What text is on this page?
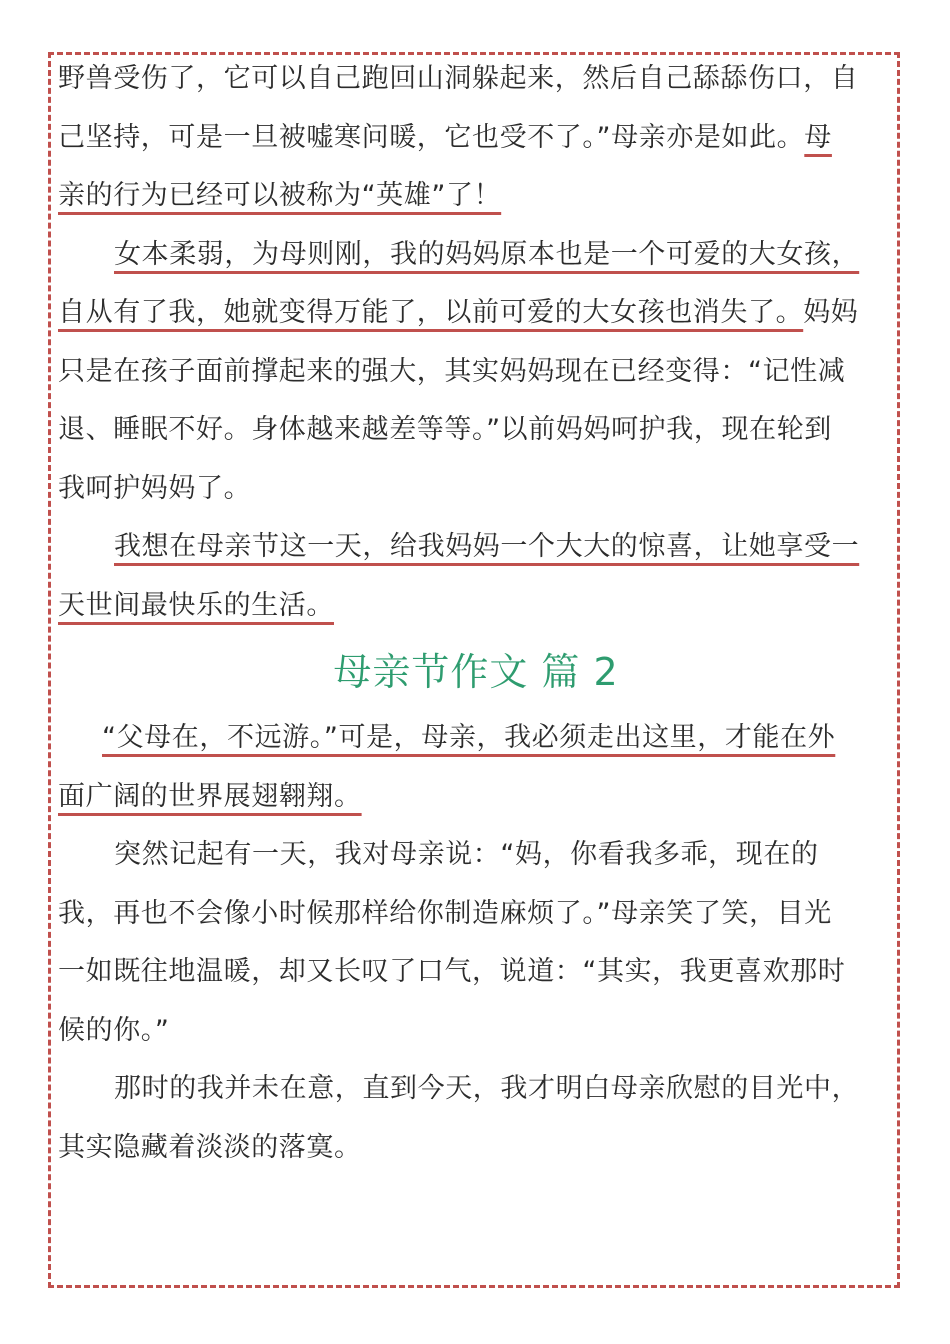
野兽受伤了，它可以自己跑回山洞躲起来，然后自己舔舔伤口，自
己坚持，可是一旦被嘘寒问暖，它也受不了。”母亲亦是如此。母
亲的行为已经可以被称为“英雄”了！
女本柔弱，为母则刚，我的妈妈原本也是一个可爱的大女孩，
自从有了我，她就变得万能了，以前可爱的大女孩也消失了。妈妈
只是在孩子面前撑起来的强大，其实妈妈现在已经变得：“记性减
退、睡眠不好。身体越来越差等等。”以前妈妈呵护我，现在轮到
我呵护妈妈了。
我想在母亲节这一天，给我妈妈一个大大的惊喜，让她享受一
天世间最快乐的生活。
母亲节作文 篇 2
“父母在，不远游。”可是，母亲，我必须走出这里，才能在外
面广阔的世界展翅翱翔。
突然记起有一天，我对母亲说：“妈，你看我多乖，现在的
我，再也不会像小时候那样给你制造麻烦了。”母亲笑了笑，目光
一如既往地温暖，却又长叹了口气，说道：“其实，我更喜欢那时
候的你。”
那时的我并未在意，直到今天，我才明白母亲欣慰的目光中，
其实隐藏着淡淡的落寞。
